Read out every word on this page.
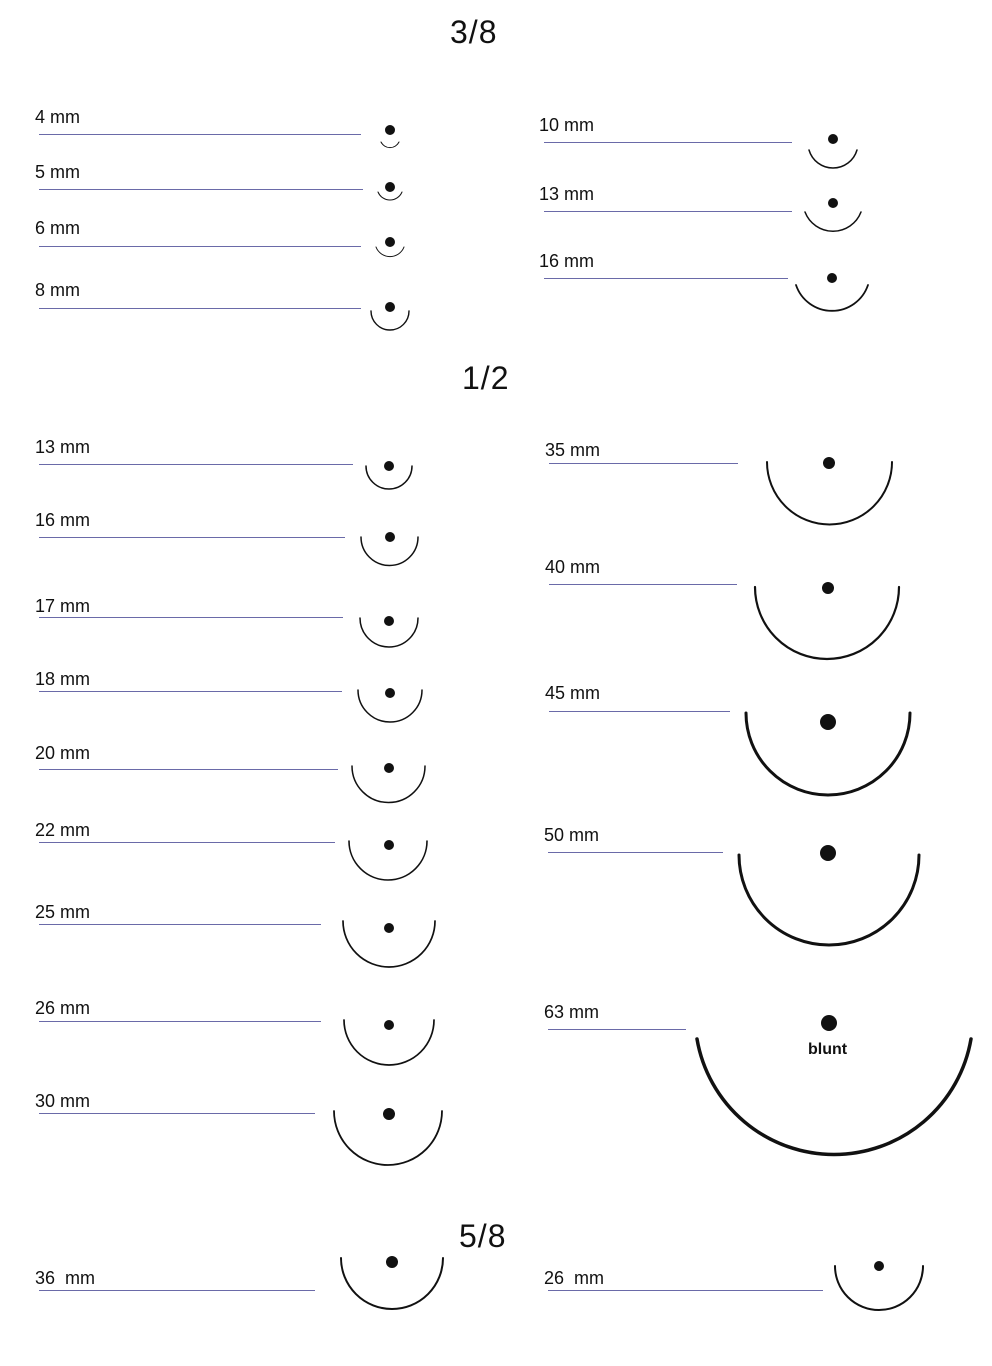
3/8
1/2
5/8
4 mm
5 mm
6 mm
8 mm
10 mm
13 mm
16 mm
13 mm
16 mm
17 mm
18 mm
20 mm
22 mm
25 mm
26 mm
30 mm
35 mm
40 mm
45 mm
50 mm
63 mm
36  mm	26  mm
blunt
